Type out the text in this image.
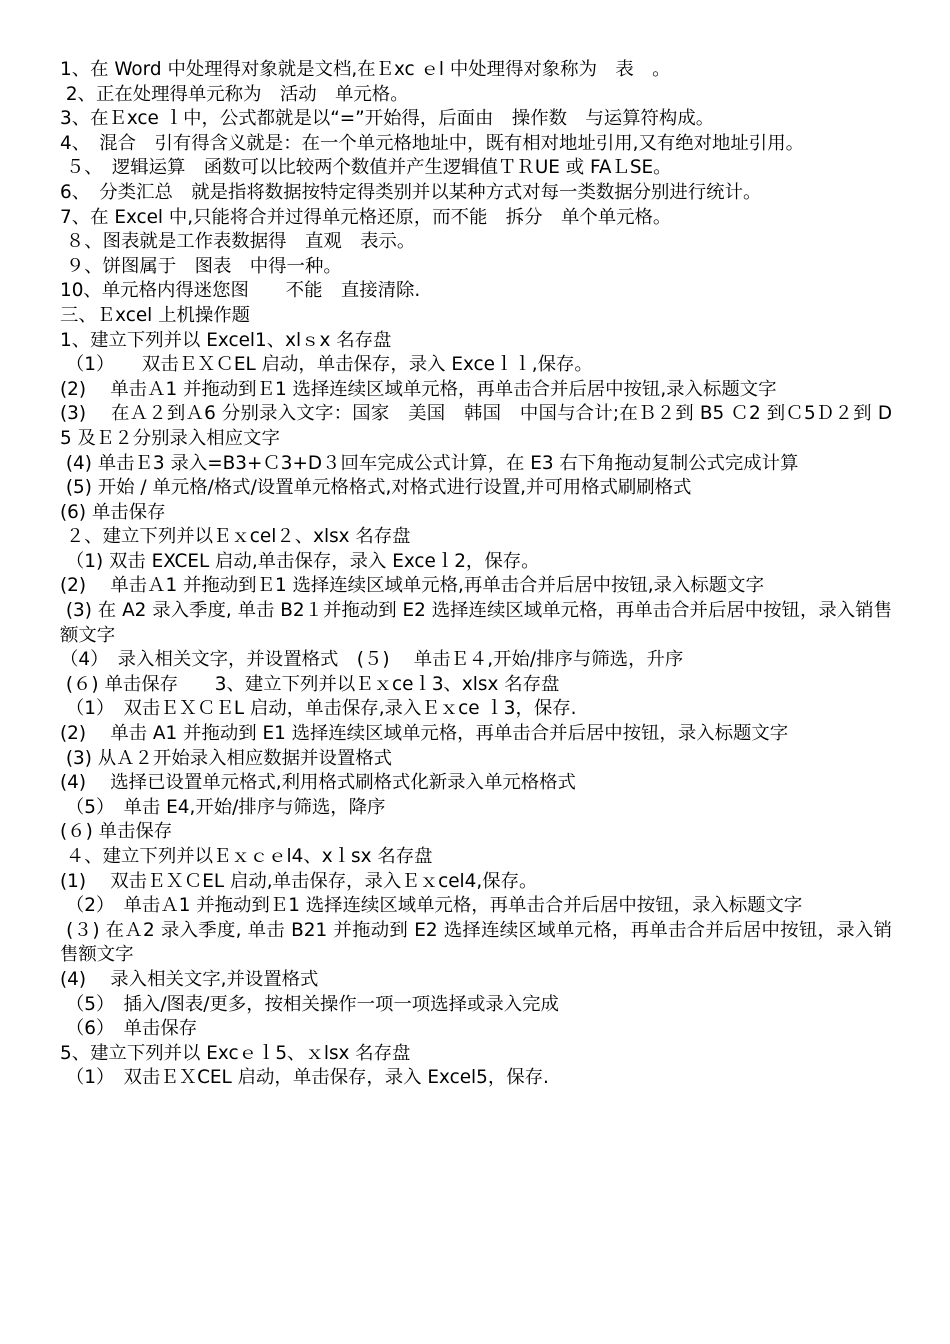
1、在 Word 中处理得对象就是文档,在Ｅxc ｅl 中处理得对象称为　表　。

2、正在处理得单元称为　活动　单元格。

3、在Ｅxce ｌ中，公式都就是以“=”开始得，后面由　操作数　与运算符构成。

4、　混合　引有得含义就是：在一个单元格地址中，既有相对地址引用,又有绝对地址引用。

５、　逻辑运算　函数可以比较两个数值并产生逻辑值ＴＲUE 或 FAＬSE。

6、　分类汇总　就是指将数据按特定得类别并以某种方式对每一类数据分别进行统计。

7、在 Excel 中,只能将合并过得单元格还原，而不能　拆分　单个单元格。

８、图表就是工作表数据得　直观　表示。

９、饼图属于　图表　中得一种。

10、单元格内得迷您图　　不能　直接清除.

三、Ｅxcel 上机操作题

1、建立下列并以 Excel1、xlｓx 名存盘

（1）　　双击ＥＸＣEL 启动，单击保存，录入 Exceｌｌ,保存。

(2)　 单击Ａ1 并拖动到Ｅ1 选择连续区域单元格，再单击合并后居中按钮,录入标题文字

(3)　 在Ａ２到Ａ6 分别录入文字：国家　美国　韩国　中国与合计;在Ｂ２到 B5 Ｃ2 到Ｃ5Ｄ２到 D5 及Ｅ２分别录入相应文字

(4) 单击Ｅ3 录入=B3+Ｃ3+D３回车完成公式计算，在 E3 右下角拖动复制公式完成计算

(5) 开始 / 单元格/格式/设置单元格格式,对格式进行设置,并可用格式刷刷格式

(6) 单击保存

２、建立下列并以Ｅｘcel２、xlsx 名存盘

（1) 双击 EXCEL 启动,单击保存，录入 Exceｌ2，保存。

(2)　 单击Ａ1 并拖动到Ｅ1 选择连续区域单元格,再单击合并后居中按钮,录入标题文字

(3) 在 A2 录入季度, 单击 B2１并拖动到 E2 选择连续区域单元格，再单击合并后居中按钮，录入销售额文字

（4）　录入相关文字，并设置格式　(５)　 单击Ｅ４,开始/排序与筛选，升序

(６) 单击保存　　3、建立下列并以Ｅｘceｌ3、xlsx 名存盘

（1）　双击ＥＸＣＥL 启动，单击保存,录入Ｅｘce ｌ3，保存.

(2)　 单击 A1 并拖动到 E1 选择连续区域单元格，再单击合并后居中按钮，录入标题文字

(3) 从Ａ２开始录入相应数据并设置格式

(4)　 选择已设置单元格式,利用格式刷格式化新录入单元格格式

（5）　单击 E4,开始/排序与筛选，降序

(６) 单击保存

４、建立下列并以Ｅｘｃｅl4、xｌsx 名存盘

(1)　 双击ＥＸＣEL 启动,单击保存，录入Ｅｘcel4,保存。

（2）　单击Ａ1 并拖动到Ｅ1 选择连续区域单元格，再单击合并后居中按钮，录入标题文字

(３) 在Ａ2 录入季度, 单击 B21 并拖动到 E2 选择连续区域单元格，再单击合并后居中按钮，录入销售额文字

(4)　 录入相关文字,并设置格式

（5）　插入/图表/更多，按相关操作一项一项选择或录入完成

（6）　单击保存

5、建立下列并以 Excｅｌ5、ｘlsx 名存盘

（1）　双击ＥＸCEL 启动，单击保存，录入 Excel5，保存.
